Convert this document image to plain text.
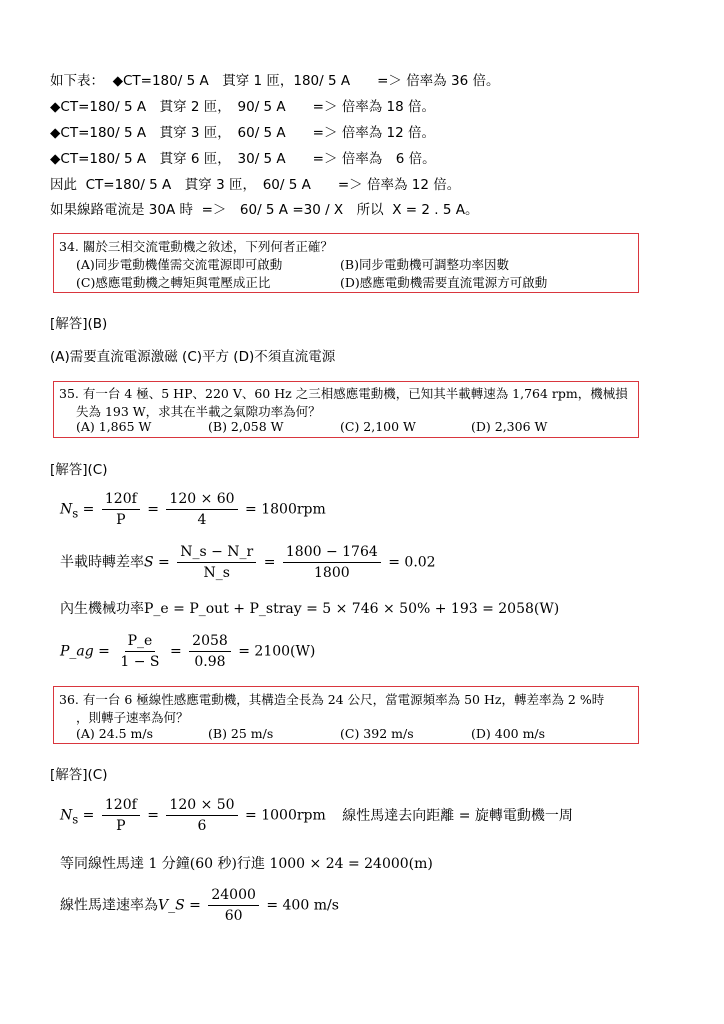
如下表： ◆CT=180/ 5 A　貫穿 1 匝，180/ 5 A　　=＞ 倍率為 36 倍。
◆CT=180/ 5 A　貫穿 2 匝，　90/ 5 A　　=＞ 倍率為 18 倍。
◆CT=180/ 5 A　貫穿 3 匝，　60/ 5 A　　=＞ 倍率為 12 倍。
◆CT=180/ 5 A　貫穿 6 匝，　30/ 5 A　　=＞ 倍率為　6 倍。
因此  CT=180/ 5 A　貫穿 3 匝，　60/ 5 A　　=＞ 倍率為 12 倍。
如果線路電流是 30A 時  =＞　60/ 5 A =30 / X　所以  X = 2 . 5 A。
34. 關於三相交流電動機之敘述，下列何者正確？
(A)同步電動機僅需交流電源即可啟動	(B)同步電動機可調整功率因數
(C)感應電動機之轉矩與電壓成正比	(D)感應電動機需要直流電源方可啟動
[解答](B)
(A)需要直流電源激磁 (C)平方 (D)不須直流電源
35. 有一台 4 極、5 HP、220 V、60 Hz 之三相感應電動機，已知其半載轉速為 1,764 rpm，機械損
失為 193 W，求其在半載之氣隙功率為何？
(A) 1,865 W	(B) 2,058 W	(C) 2,100 W	(D) 2,306 W
[解答](C)
$N_s = \frac{120f}{P} = \frac{120 \times 60}{4} = 1800rpm$
半載時轉差率$S = \frac{N\_s - N\_r}{N\_s} = \frac{1800 - 1764}{1800} = 0.02$
內生機械功率P_e = P_out + P_stray = 5 × 746 × 50% + 193 = 2058(W)
P_ag = $\frac{P\_e}{1 - S} = \frac{2058}{0.98} = 2100(W)$
36. 有一台 6 極線性感應電動機，其構造全長為 24 公尺，當電源頻率為 50 Hz，轉差率為 2 %時
，則轉子速率為何？
(A) 24.5 m/s	(B) 25 m/s	(C) 392 m/s	(D) 400 m/s
[解答](C)
$N_s = \frac{120f}{P} = \frac{120 \times 50}{6} = 1000rpm$ 線性馬達去向距離 = 旋轉電動機一周
等同線性馬達 1 分鐘(60 秒)行進 1000 × 24 = 24000(m)
線性馬達速率為V_S = $\frac{24000}{60} = 400$ m/s
